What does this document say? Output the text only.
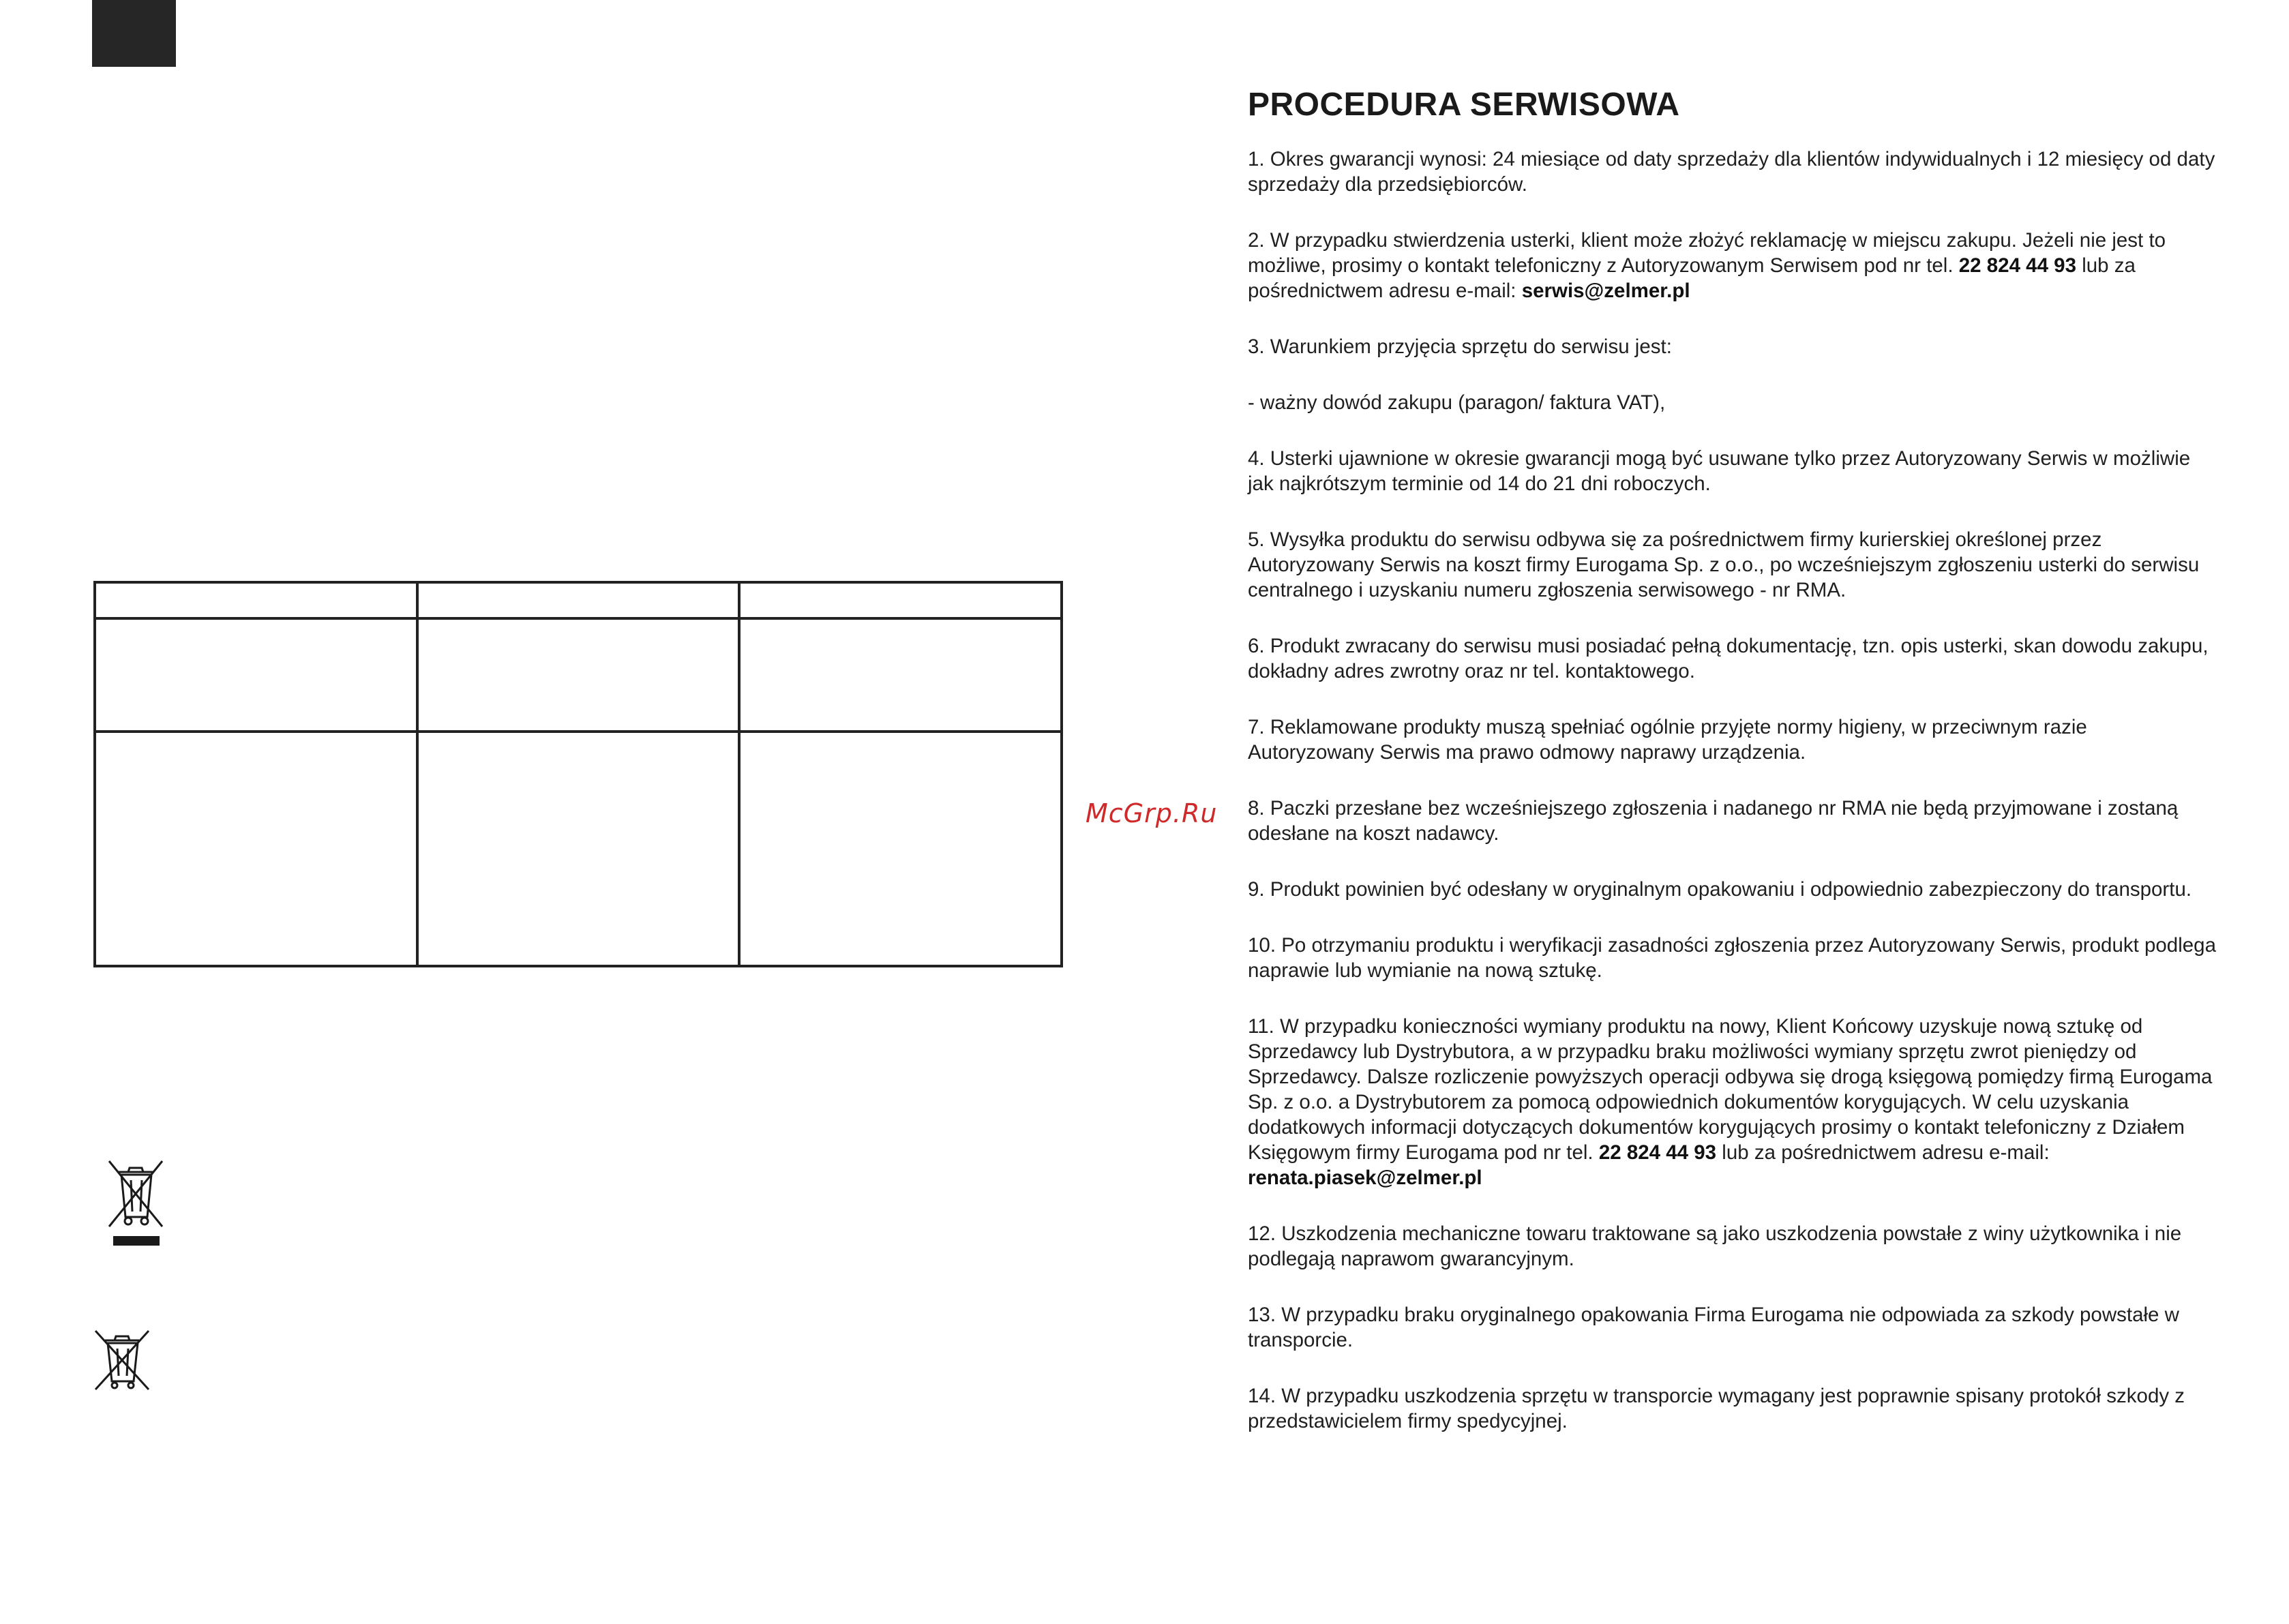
McGrp.Ru
PROCEDURA SERWISOWA

1. Okres gwarancji wynosi: 24 miesiące od daty sprzedaży dla klientów indywidualnych i 12 miesięcy od daty sprzedaży dla przedsiębiorców.

2. W przypadku stwierdzenia usterki, klient może złożyć reklamację w miejscu zakupu. Jeżeli nie jest to możliwe, prosimy o kontakt telefoniczny z Autoryzowanym Serwisem pod nr tel. 22 824 44 93 lub za pośrednictwem adresu e-mail: serwis@zelmer.pl

3. Warunkiem przyjęcia sprzętu do serwisu jest:

- ważny dowód zakupu (paragon/ faktura VAT),

4. Usterki ujawnione w okresie gwarancji mogą być usuwane tylko przez Autoryzowany Serwis w możliwie jak najkrótszym terminie od 14 do 21 dni roboczych.

5. Wysyłka produktu do serwisu odbywa się za pośrednictwem firmy kurierskiej określonej przez Autoryzowany Serwis na koszt firmy Eurogama Sp. z o.o., po wcześniejszym zgłoszeniu usterki do serwisu centralnego i uzyskaniu numeru zgłoszenia serwisowego - nr RMA.

6. Produkt zwracany do serwisu musi posiadać pełną dokumentację, tzn. opis usterki, skan dowodu zakupu, dokładny adres zwrotny oraz nr tel. kontaktowego.

7. Reklamowane produkty muszą spełniać ogólnie przyjęte normy higieny, w przeciwnym razie Autoryzowany Serwis ma prawo odmowy naprawy urządzenia.

8. Paczki przesłane bez wcześniejszego zgłoszenia i nadanego nr RMA nie będą przyjmowane i zostaną odesłane na koszt nadawcy.

9. Produkt powinien być odesłany w oryginalnym opakowaniu i odpowiednio zabezpieczony do transportu.

10. Po otrzymaniu produktu i weryfikacji zasadności zgłoszenia przez Autoryzowany Serwis, produkt podlega naprawie lub wymianie na nową sztukę.

11. W przypadku konieczności wymiany produktu na nowy, Klient Końcowy uzyskuje nową sztukę od Sprzedawcy lub Dystrybutora, a w przypadku braku możliwości wymiany sprzętu zwrot pieniędzy od Sprzedawcy. Dalsze rozliczenie powyższych operacji odbywa się drogą księgową pomiędzy firmą Eurogama Sp. z o.o. a Dystrybutorem za pomocą odpowiednich dokumentów korygujących. W celu uzyskania dodatkowych informacji dotyczących dokumentów korygujących prosimy o kontakt telefoniczny z Działem Księgowym firmy Eurogama pod nr tel. 22 824 44 93 lub za pośrednictwem adresu e-mail: renata.piasek@zelmer.pl

12. Uszkodzenia mechaniczne towaru traktowane są jako uszkodzenia powstałe z winy użytkownika i nie podlegają naprawom gwarancyjnym.

13. W przypadku braku oryginalnego opakowania Firma Eurogama nie odpowiada za szkody powstałe w transporcie.

14. W przypadku uszkodzenia sprzętu w transporcie wymagany jest poprawnie spisany protokół szkody z przedstawicielem firmy spedycyjnej.
